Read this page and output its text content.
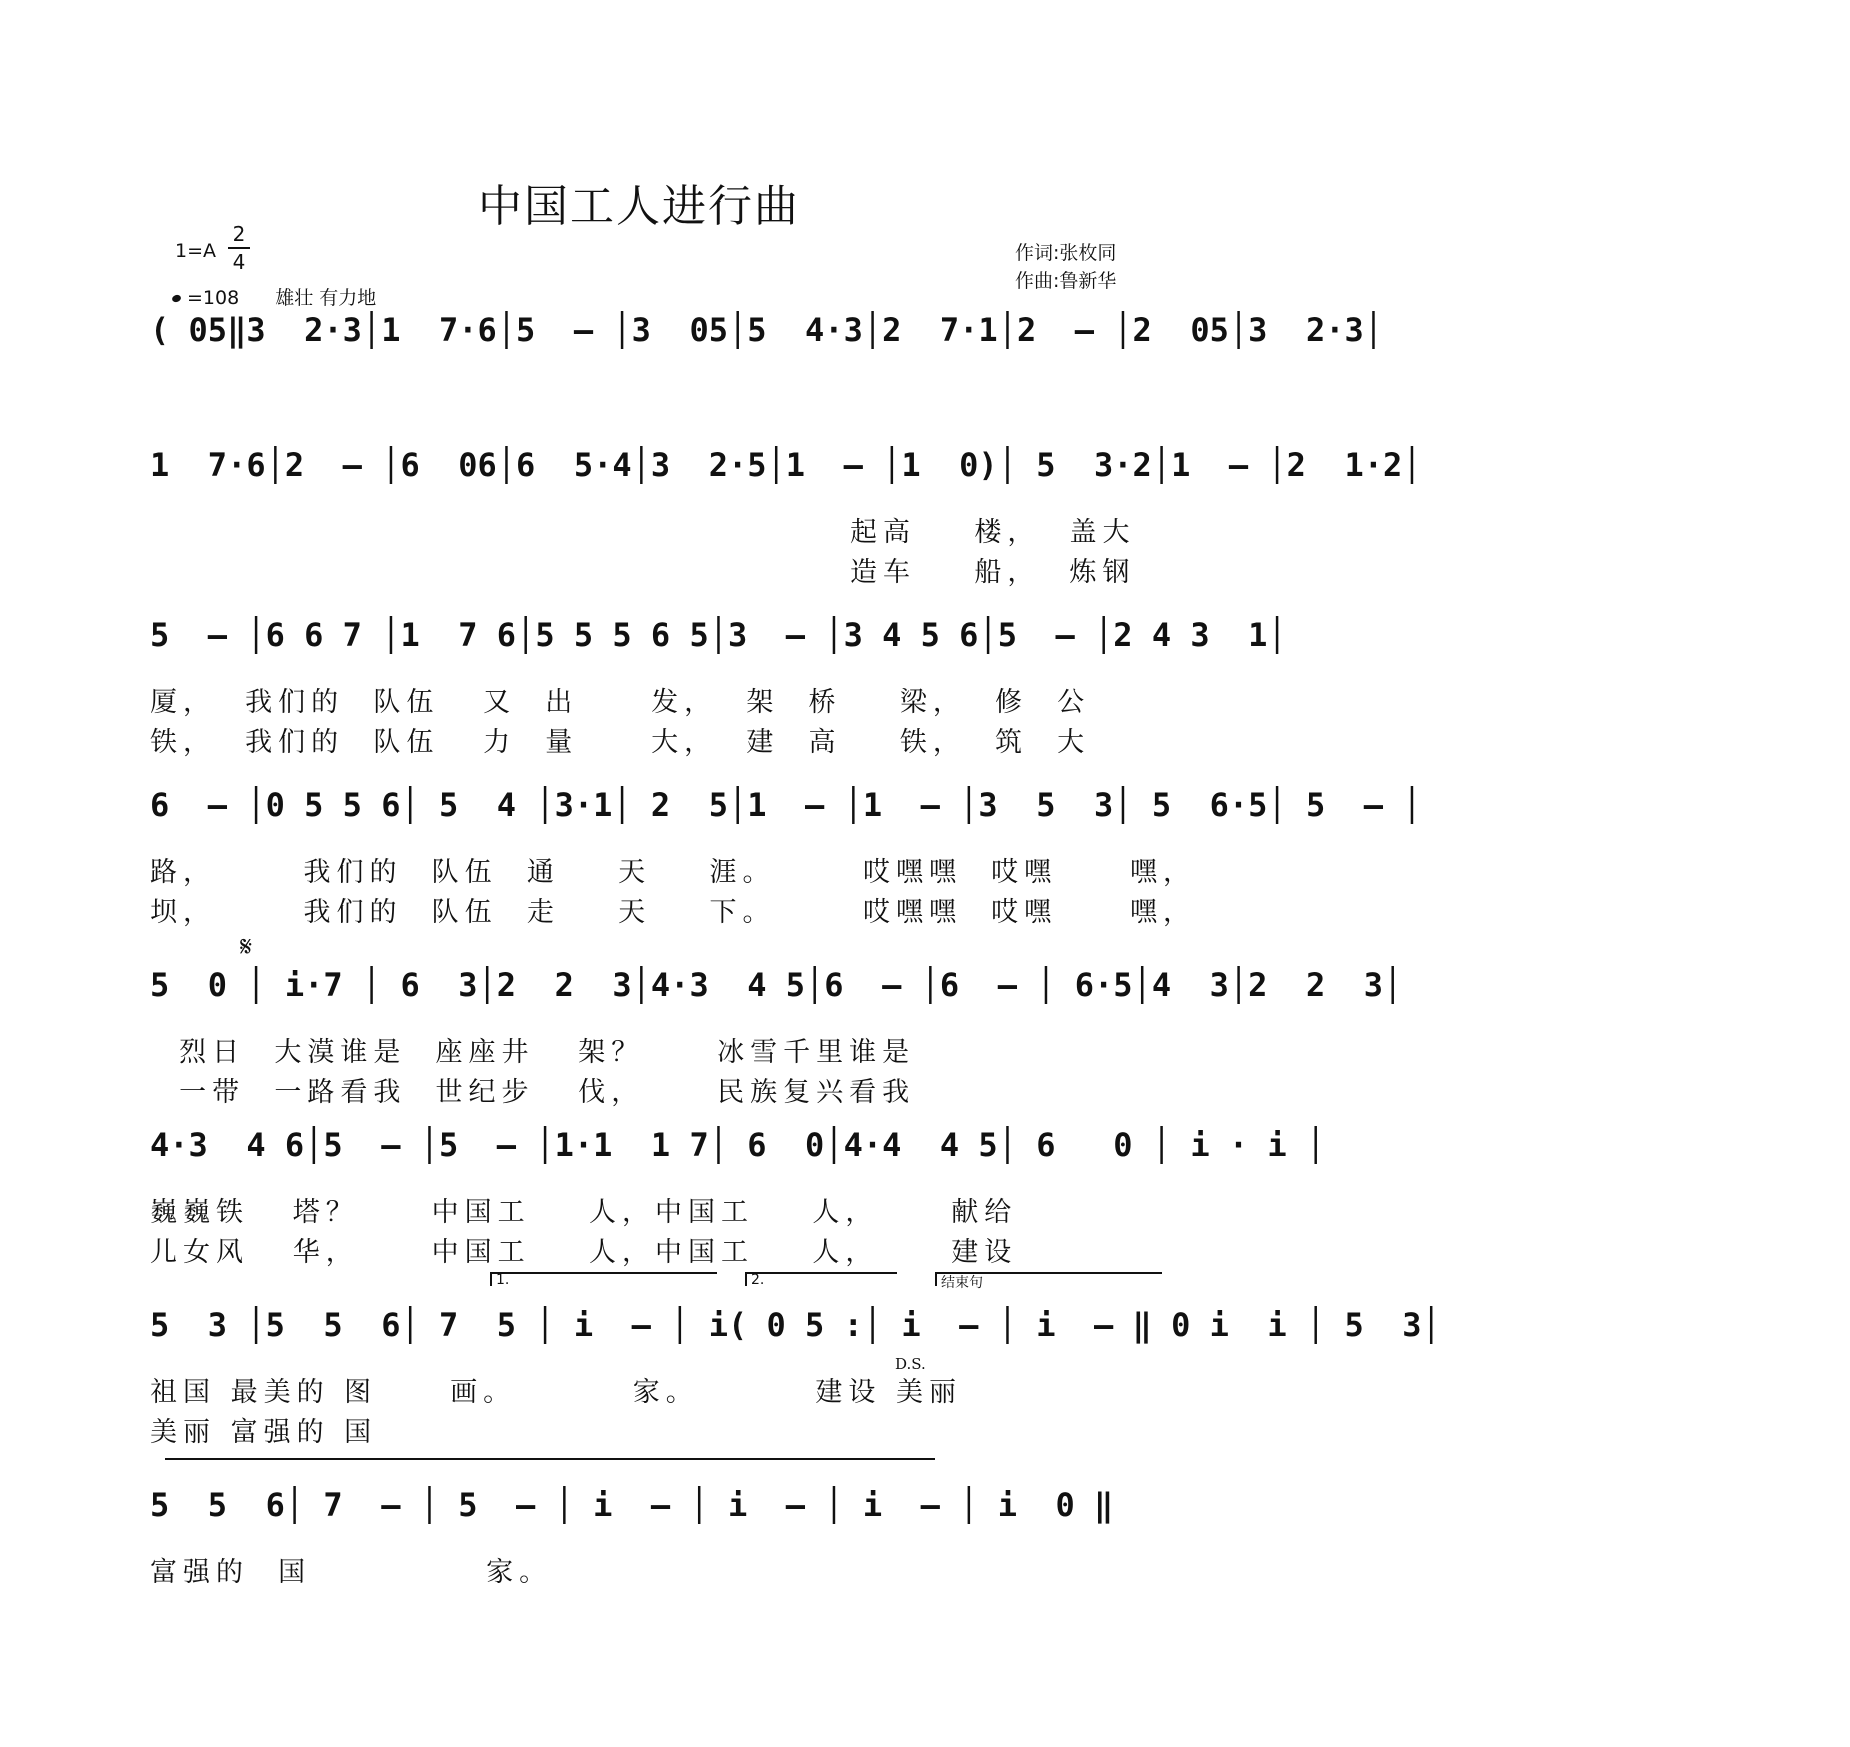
中国工人进行曲
1=A
2
4
=108 雄壮 有力地
作词:张枚同
作曲:鲁新华
( 05‖3  2·3│1  7·6│5  – │3  05│5  4·3│2  7·1│2  – │2  05│3  2·3│
1  7·6│2  – │6  06│6  5·4│3  2·5│1  – │1  0)│ 5  3·2│1  – │2  1·2│
起高    楼，  盖大
造车    船，  炼钢
5  – │6 6 7 │1  7 6│5 5 5 6 5│3  – │3 4 5 6│5  – │2 4 3  1│
厦，  我们的  队伍   又  出     发，  架  桥    梁，  修  公
铁，  我们的  队伍   力  量     大，  建  高    铁，  筑  大
6  – │0 5 5 6│ 5  4 │3·1│ 2  5│1  – │1  – │3  5  3│ 5  6·5│ 5  – │
路，      我们的  队伍  通    天    涯。      哎嘿嘿  哎嘿     嘿，
坝，      我们的  队伍  走    天    下。      哎嘿嘿  哎嘿     嘿，
𝄋
5  0 │ i·7 │ 6  3│2  2  3│4·3  4 5│6  – │6  – │ 6·5│4  3│2  2  3│
烈日  大漠谁是  座座井   架？     冰雪千里谁是
一带  一路看我  世纪步   伐，     民族复兴看我
4·3  4 6│5  – │5  – │1·1  1 7│ 6  0│4·4  4 5│ 6   0 │ i · i │
巍巍铁   塔？     中国工    人，中国工    人，     献给
儿女风   华，     中国工    人，中国工    人，     建设
1.	2.	结束句
5  3 │5  5  6│ 7  5 │ i  – │ i( 0 5 :│ i  – │ i  – ‖ 0 i  i │ 5  3│
D.S.
祖国 最美的 图     画。        家。        建设 美丽
美丽 富强的 国
5  5  6│ 7  – │ 5  – │ i  – │ i  – │ i  – │ i  0 ‖
富强的  国            家。
